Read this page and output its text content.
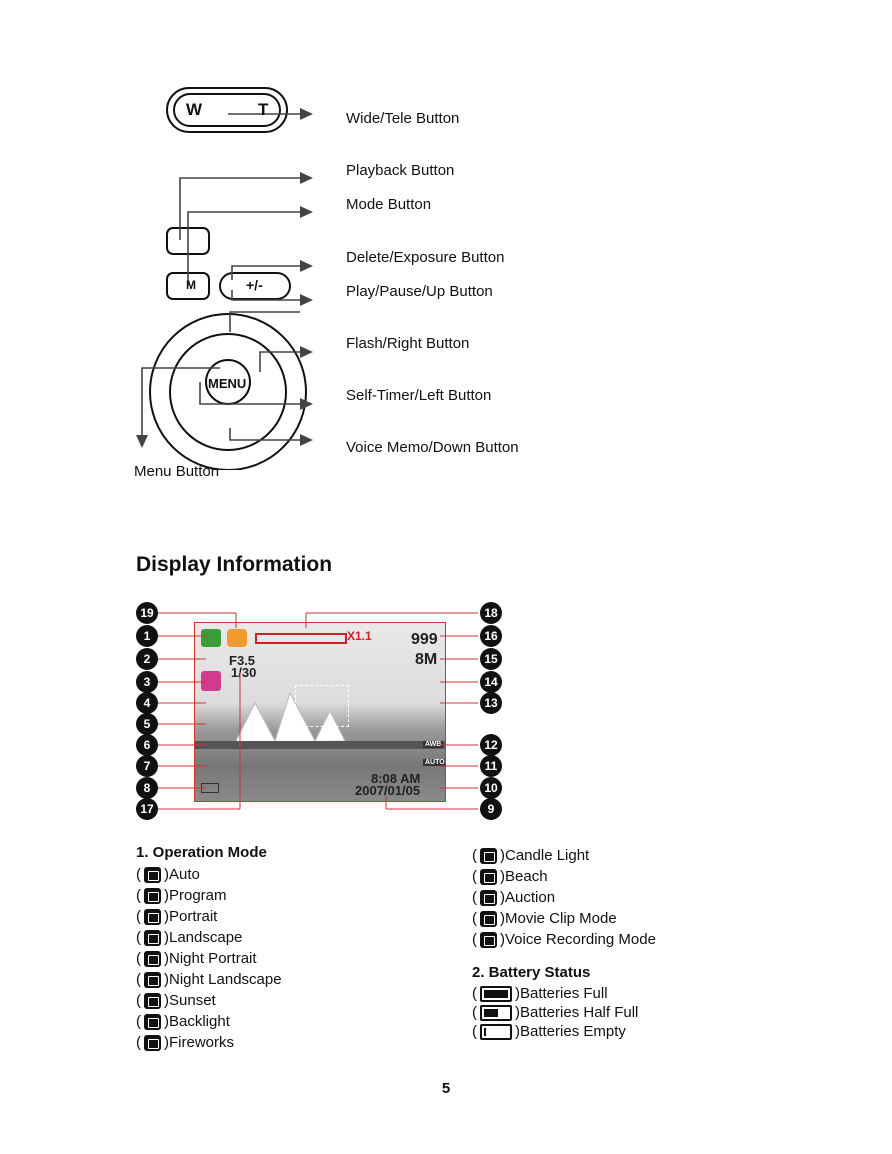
W	T
M	+/-
MENU
Wide/Tele Button
Playback Button
Mode Button
Delete/Exposure Button
Play/Pause/Up Button
Flash/Right Button
Self-Timer/Left Button
Voice Memo/Down Button
Menu Button
Display Information
X1.1 999
8M
F3.5
1/30
AWB
AUTO
8:08 AM
2007/01/05
19
1
2
3
4
5
6
7
8
17
18
16
15
14
13
12
11
10
9
1. Operation Mode
( ) Auto
( ) Program
( ) Portrait
( ) Landscape
( ) Night Portrait
( ) Night Landscape
( ) Sunset
( ) Backlight
( ) Fireworks
( ) Candle Light
( ) Beach
( ) Auction
( ) Movie Clip Mode
( ) Voice Recording Mode
2. Battery Status
(	) Batteries Full
(	) Batteries Half Full
(	) Batteries Empty
5
